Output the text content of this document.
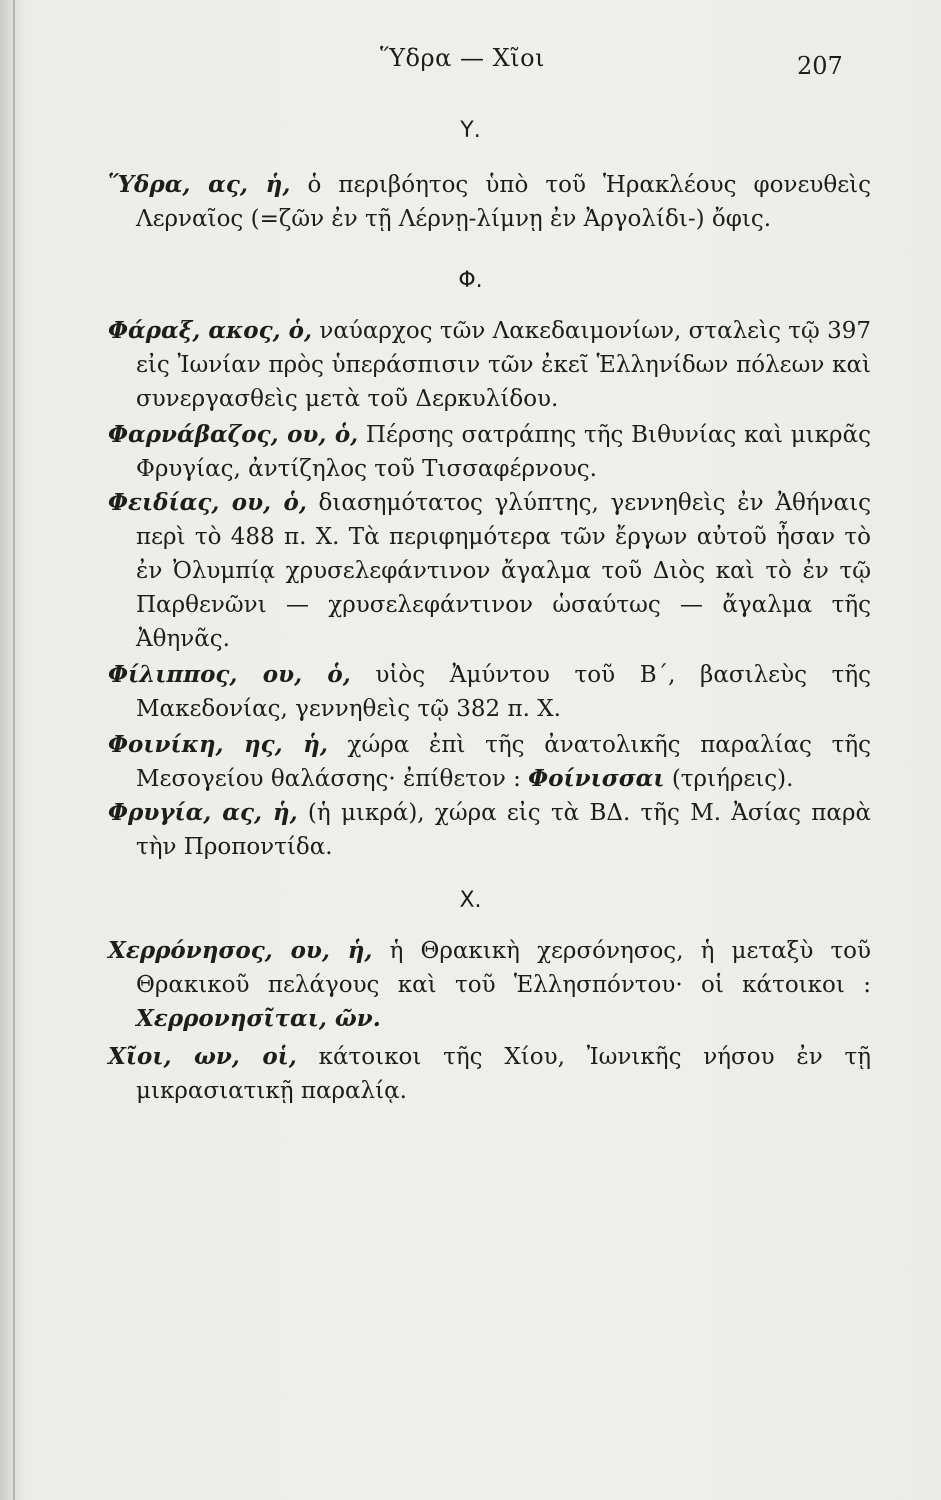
Ὕδρα — Χῖοι	207
Υ.
Ὕδρα, ας, ἡ, ὁ περιβόητος ὑπὸ τοῦ Ἡρακλέους φονευθεὶς Λερναῖος (=ζῶν ἐν τῇ Λέρνῃ-λίμνῃ ἐν Ἀργολίδι-) ὄφις.
Φ.
Φάραξ, ακος, ὁ, ναύαρχος τῶν Λακεδαιμονίων, σταλεὶς τῷ 397 εἰς Ἰωνίαν πρὸς ὑπεράσπισιν τῶν ἐκεῖ Ἑλληνίδων πόλεων καὶ συνεργασθεὶς μετὰ τοῦ Δερκυλίδου.
Φαρνάβαζος, ου, ὁ, Πέρσης σατράπης τῆς Βιθυνίας καὶ μικρᾶς Φρυγίας, ἀντίζηλος τοῦ Τισσαφέρνους.
Φειδίας, ου, ὁ, διασημότατος γλύπτης, γεννηθεὶς ἐν Ἀθήναις περὶ τὸ 488 π. Χ. Τὰ περιφημότερα τῶν ἔργων αὐτοῦ ἦσαν τὸ ἐν Ὀλυμπίᾳ χρυσελεφάντινον ἄγαλμα τοῦ Διὸς καὶ τὸ ἐν τῷ Παρθενῶνι — χρυσελεφάντινον ὡσαύτως — ἄγαλμα τῆς Ἀθηνᾶς.
Φίλιππος, ου, ὁ, υἱὸς Ἀμύντου τοῦ Β΄, βασιλεὺς τῆς Μακεδονίας, γεννηθεὶς τῷ 382 π. Χ.
Φοινίκη, ης, ἡ, χώρα ἐπὶ τῆς ἀνατολικῆς παραλίας τῆς Μεσογείου θαλάσσης· ἐπίθετον : Φοίνισσαι (τριήρεις).
Φρυγία, ας, ἡ, (ἡ μικρά), χώρα εἰς τὰ ΒΔ. τῆς Μ. Ἀσίας παρὰ τὴν Προποντίδα.
Χ.
Χερρόνησος, ου, ἡ, ἡ Θρακικὴ χερσόνησος, ἡ μεταξὺ τοῦ Θρακικοῦ πελάγους καὶ τοῦ Ἑλλησπόντου· οἱ κάτοικοι : Χερρονησῖται, ῶν.
Χῖοι, ων, οἱ, κάτοικοι τῆς Χίου, Ἰωνικῆς νήσου ἐν τῇ μικρασιατικῇ παραλίᾳ.
